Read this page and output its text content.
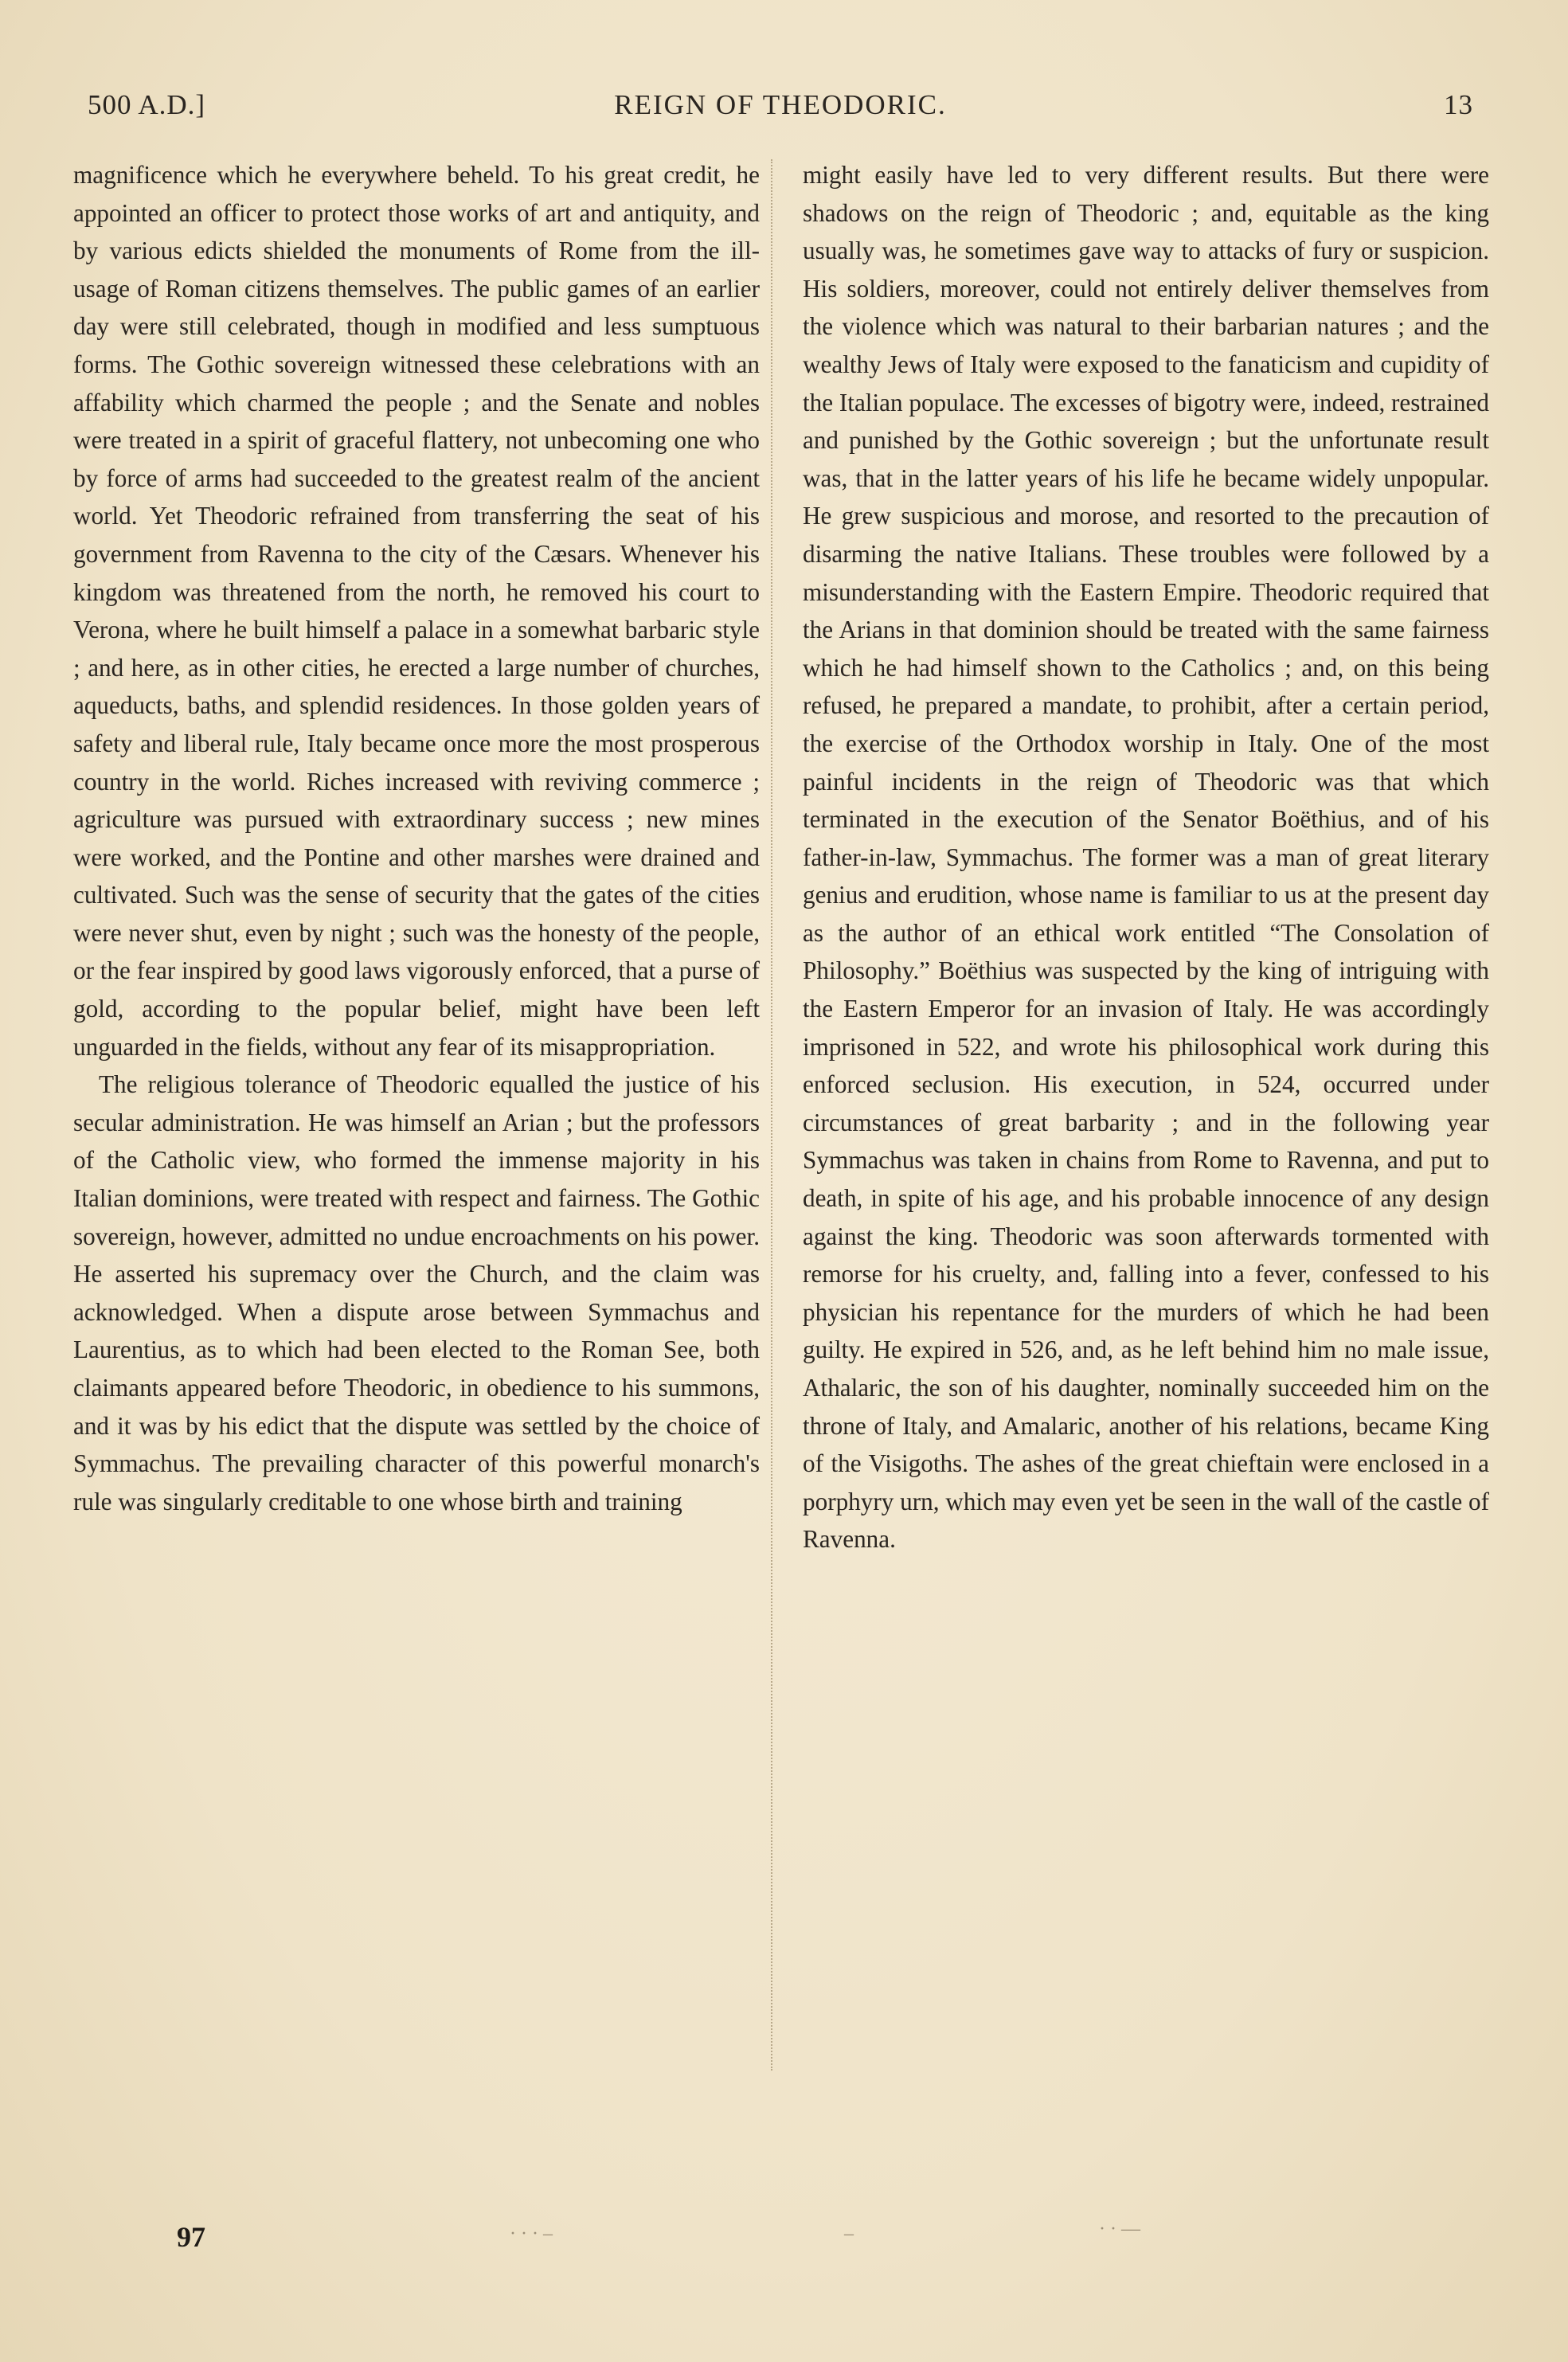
500 A.D.]	REIGN OF THEODORIC.	13

magnificence which he everywhere beheld. To his great credit, he appointed an officer to protect those works of art and antiquity, and by various edicts shielded the monuments of Rome from the ill-usage of Roman citizens themselves. The public games of an earlier day were still celebrated, though in modified and less sumptuous forms. The Gothic sovereign witnessed these celebrations with an affability which charmed the people ; and the Senate and nobles were treated in a spirit of graceful flattery, not unbecoming one who by force of arms had succeeded to the greatest realm of the ancient world. Yet Theodoric refrained from transferring the seat of his government from Ravenna to the city of the Cæsars. Whenever his kingdom was threatened from the north, he removed his court to Verona, where he built himself a palace in a somewhat barbaric style ; and here, as in other cities, he erected a large number of churches, aqueducts, baths, and splendid residences. In those golden years of safety and liberal rule, Italy became once more the most prosperous country in the world. Riches increased with reviving commerce ; agriculture was pursued with extraordinary success ; new mines were worked, and the Pontine and other marshes were drained and cultivated. Such was the sense of security that the gates of the cities were never shut, even by night ; such was the honesty of the people, or the fear inspired by good laws vigorously enforced, that a purse of gold, according to the popular belief, might have been left unguarded in the fields, without any fear of its misappropriation.

The religious tolerance of Theodoric equalled the justice of his secular administration. He was himself an Arian ; but the professors of the Catholic view, who formed the immense majority in his Italian dominions, were treated with respect and fairness. The Gothic sovereign, however, admitted no undue encroachments on his power. He asserted his supremacy over the Church, and the claim was acknowledged. When a dispute arose between Symmachus and Laurentius, as to which had been elected to the Roman See, both claimants appeared before Theodoric, in obedience to his summons, and it was by his edict that the dispute was settled by the choice of Symmachus. The prevailing character of this powerful monarch's rule was singularly creditable to one whose birth and training

might easily have led to very different results. But there were shadows on the reign of Theodoric ; and, equitable as the king usually was, he sometimes gave way to attacks of fury or suspicion. His soldiers, moreover, could not entirely deliver themselves from the violence which was natural to their barbarian natures ; and the wealthy Jews of Italy were exposed to the fanaticism and cupidity of the Italian populace. The excesses of bigotry were, indeed, restrained and punished by the Gothic sovereign ; but the unfortunate result was, that in the latter years of his life he became widely unpopular. He grew suspicious and morose, and resorted to the precaution of disarming the native Italians. These troubles were followed by a misunderstanding with the Eastern Empire. Theodoric required that the Arians in that dominion should be treated with the same fairness which he had himself shown to the Catholics ; and, on this being refused, he prepared a mandate, to prohibit, after a certain period, the exercise of the Orthodox worship in Italy. One of the most painful incidents in the reign of Theodoric was that which terminated in the execution of the Senator Boëthius, and of his father-in-law, Symmachus. The former was a man of great literary genius and erudition, whose name is familiar to us at the present day as the author of an ethical work entitled “The Consolation of Philosophy.” Boëthius was suspected by the king of intriguing with the Eastern Emperor for an invasion of Italy. He was accordingly imprisoned in 522, and wrote his philosophical work during this enforced seclusion. His execution, in 524, occurred under circumstances of great barbarity ; and in the following year Symmachus was taken in chains from Rome to Ravenna, and put to death, in spite of his age, and his probable innocence of any design against the king. Theodoric was soon afterwards tormented with remorse for his cruelty, and, falling into a fever, confessed to his physician his repentance for the murders of which he had been guilty. He expired in 526, and, as he left behind him no male issue, Athalaric, the son of his daughter, nominally succeeded him on the throne of Italy, and Amalaric, another of his relations, became King of the Visigoths. The ashes of the great chieftain were enclosed in a porphyry urn, which may even yet be seen in the wall of the castle of Ravenna.

97	· · · –	–	· · —
